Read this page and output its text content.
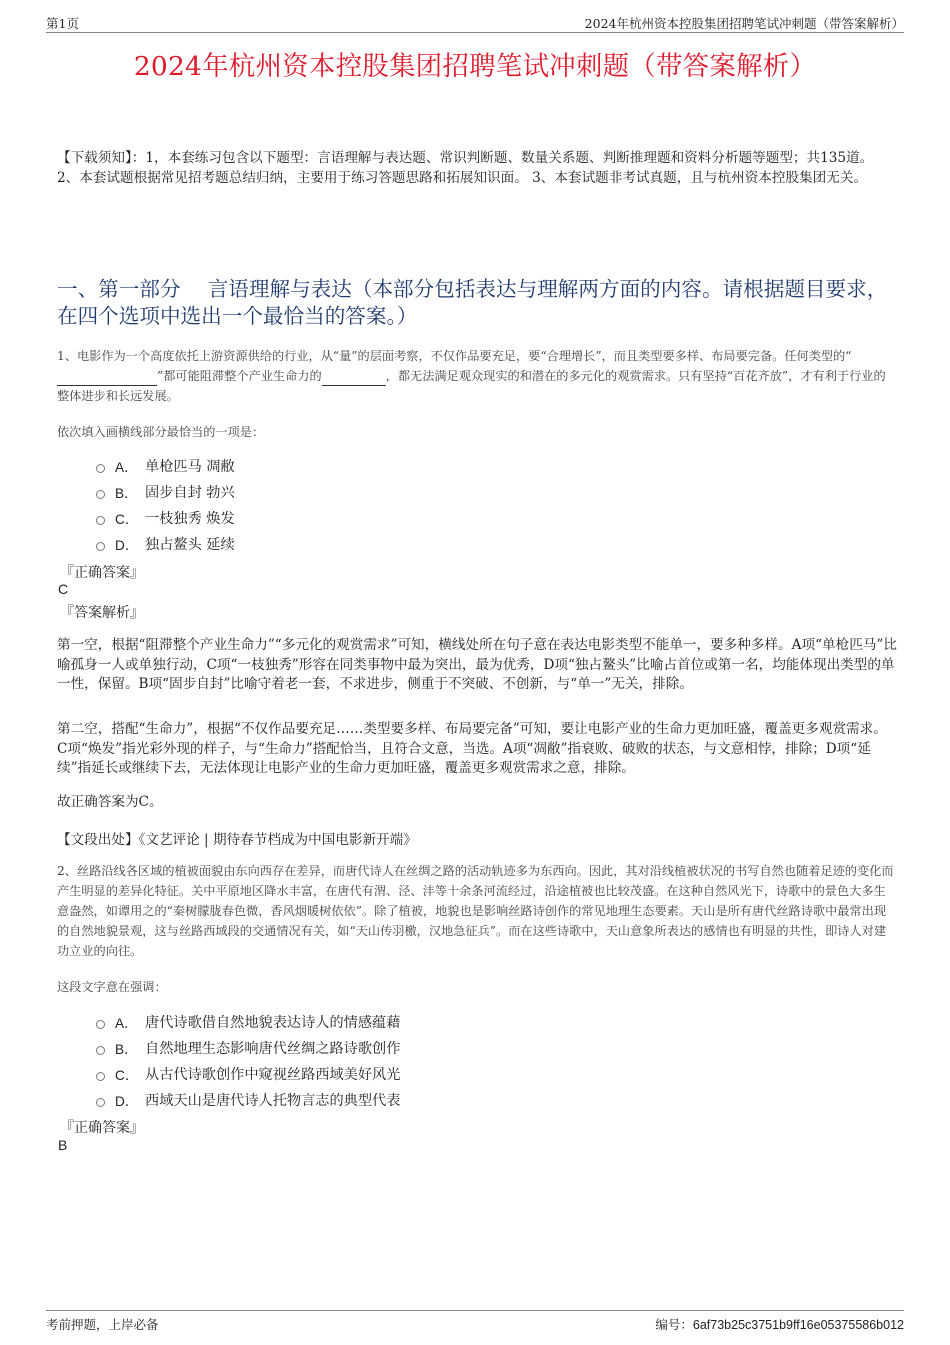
第1页	2024年杭州资本控股集团招聘笔试冲刺题（带答案解析）
2024年杭州资本控股集团招聘笔试冲刺题（带答案解析）
【下载须知】：1，本套练习包含以下题型：言语理解与表达题、常识判断题、数量关系题、判断推理题和资料分析题等题型；共135道。 2、本套试题根据常见招考题总结归纳，主要用于练习答题思路和拓展知识面。 3、本套试题非考试真题，且与杭州资本控股集团无关。
一、第一部分　 言语理解与表达（本部分包括表达与理解两方面的内容。请根据题目要求，在四个选项中选出一个最恰当的答案。）
1、电影作为一个高度依托上游资源供给的行业，从“量”的层面考察，不仅作品要充足，要“合理增长”，而且类型要多样、布局要完备。任何类型的“”都可能阻滞整个产业生命力的	，都无法满足观众现实的和潜在的多元化的观赏需求。只有坚持“百花齐放”，才有利于行业的整体进步和长远发展。
依次填入画横线部分最恰当的一项是：
A． 单枪匹马 凋敝
B． 固步自封 勃兴
C． 一枝独秀 焕发
D． 独占鳌头 延续
『正确答案』
C
『答案解析』
第一空，根据“阻滞整个产业生命力”“多元化的观赏需求”可知，横线处所在句子意在表达电影类型不能单一，要多种多样。A项“单枪匹马”比喻孤身一人或单独行动，C项“一枝独秀”形容在同类事物中最为突出，最为优秀，D项“独占鳌头”比喻占首位或第一名，均能体现出类型的单一性，保留。B项“固步自封”比喻守着老一套，不求进步，侧重于不突破、不创新，与“单一”无关，排除。
第二空，搭配“生命力”，根据“不仅作品要充足……类型要多样、布局要完备”可知，要让电影产业的生命力更加旺盛，覆盖更多观赏需求。C项“焕发”指光彩外现的样子，与“生命力”搭配恰当，且符合文意，当选。A项“凋敝”指衰败、破败的状态，与文意相悖，排除；D项“延续”指延长或继续下去，无法体现让电影产业的生命力更加旺盛，覆盖更多观赏需求之意，排除。
故正确答案为C。
【文段出处】《文艺评论 | 期待春节档成为中国电影新开端》
2、丝路沿线各区域的植被面貌由东向西存在差异，而唐代诗人在丝绸之路的活动轨迹多为东西向。因此，其对沿线植被状况的书写自然也随着足迹的变化而产生明显的差异化特征。关中平原地区降水丰富，在唐代有渭、泾、沣等十余条河流经过，沿途植被也比较茂盛。在这种自然风光下，诗歌中的景色大多生意盎然，如谭用之的“秦树朦胧春色微，香风烟暖树依依”。除了植被，地貌也是影响丝路诗创作的常见地理生态要素。天山是所有唐代丝路诗歌中最常出现的自然地貌景观，这与丝路西域段的交通情况有关，如“天山传羽檄，汉地急征兵”。而在这些诗歌中，天山意象所表达的感情也有明显的共性，即诗人对建功立业的向往。
这段文字意在强调：
A． 唐代诗歌借自然地貌表达诗人的情感蕴藉
B． 自然地理生态影响唐代丝绸之路诗歌创作
C． 从古代诗歌创作中窥视丝路西域美好风光
D． 西域天山是唐代诗人托物言志的典型代表
『正确答案』
B
考前押题，上岸必备	编号：6af73b25c3751b9ff16e05375586b012
